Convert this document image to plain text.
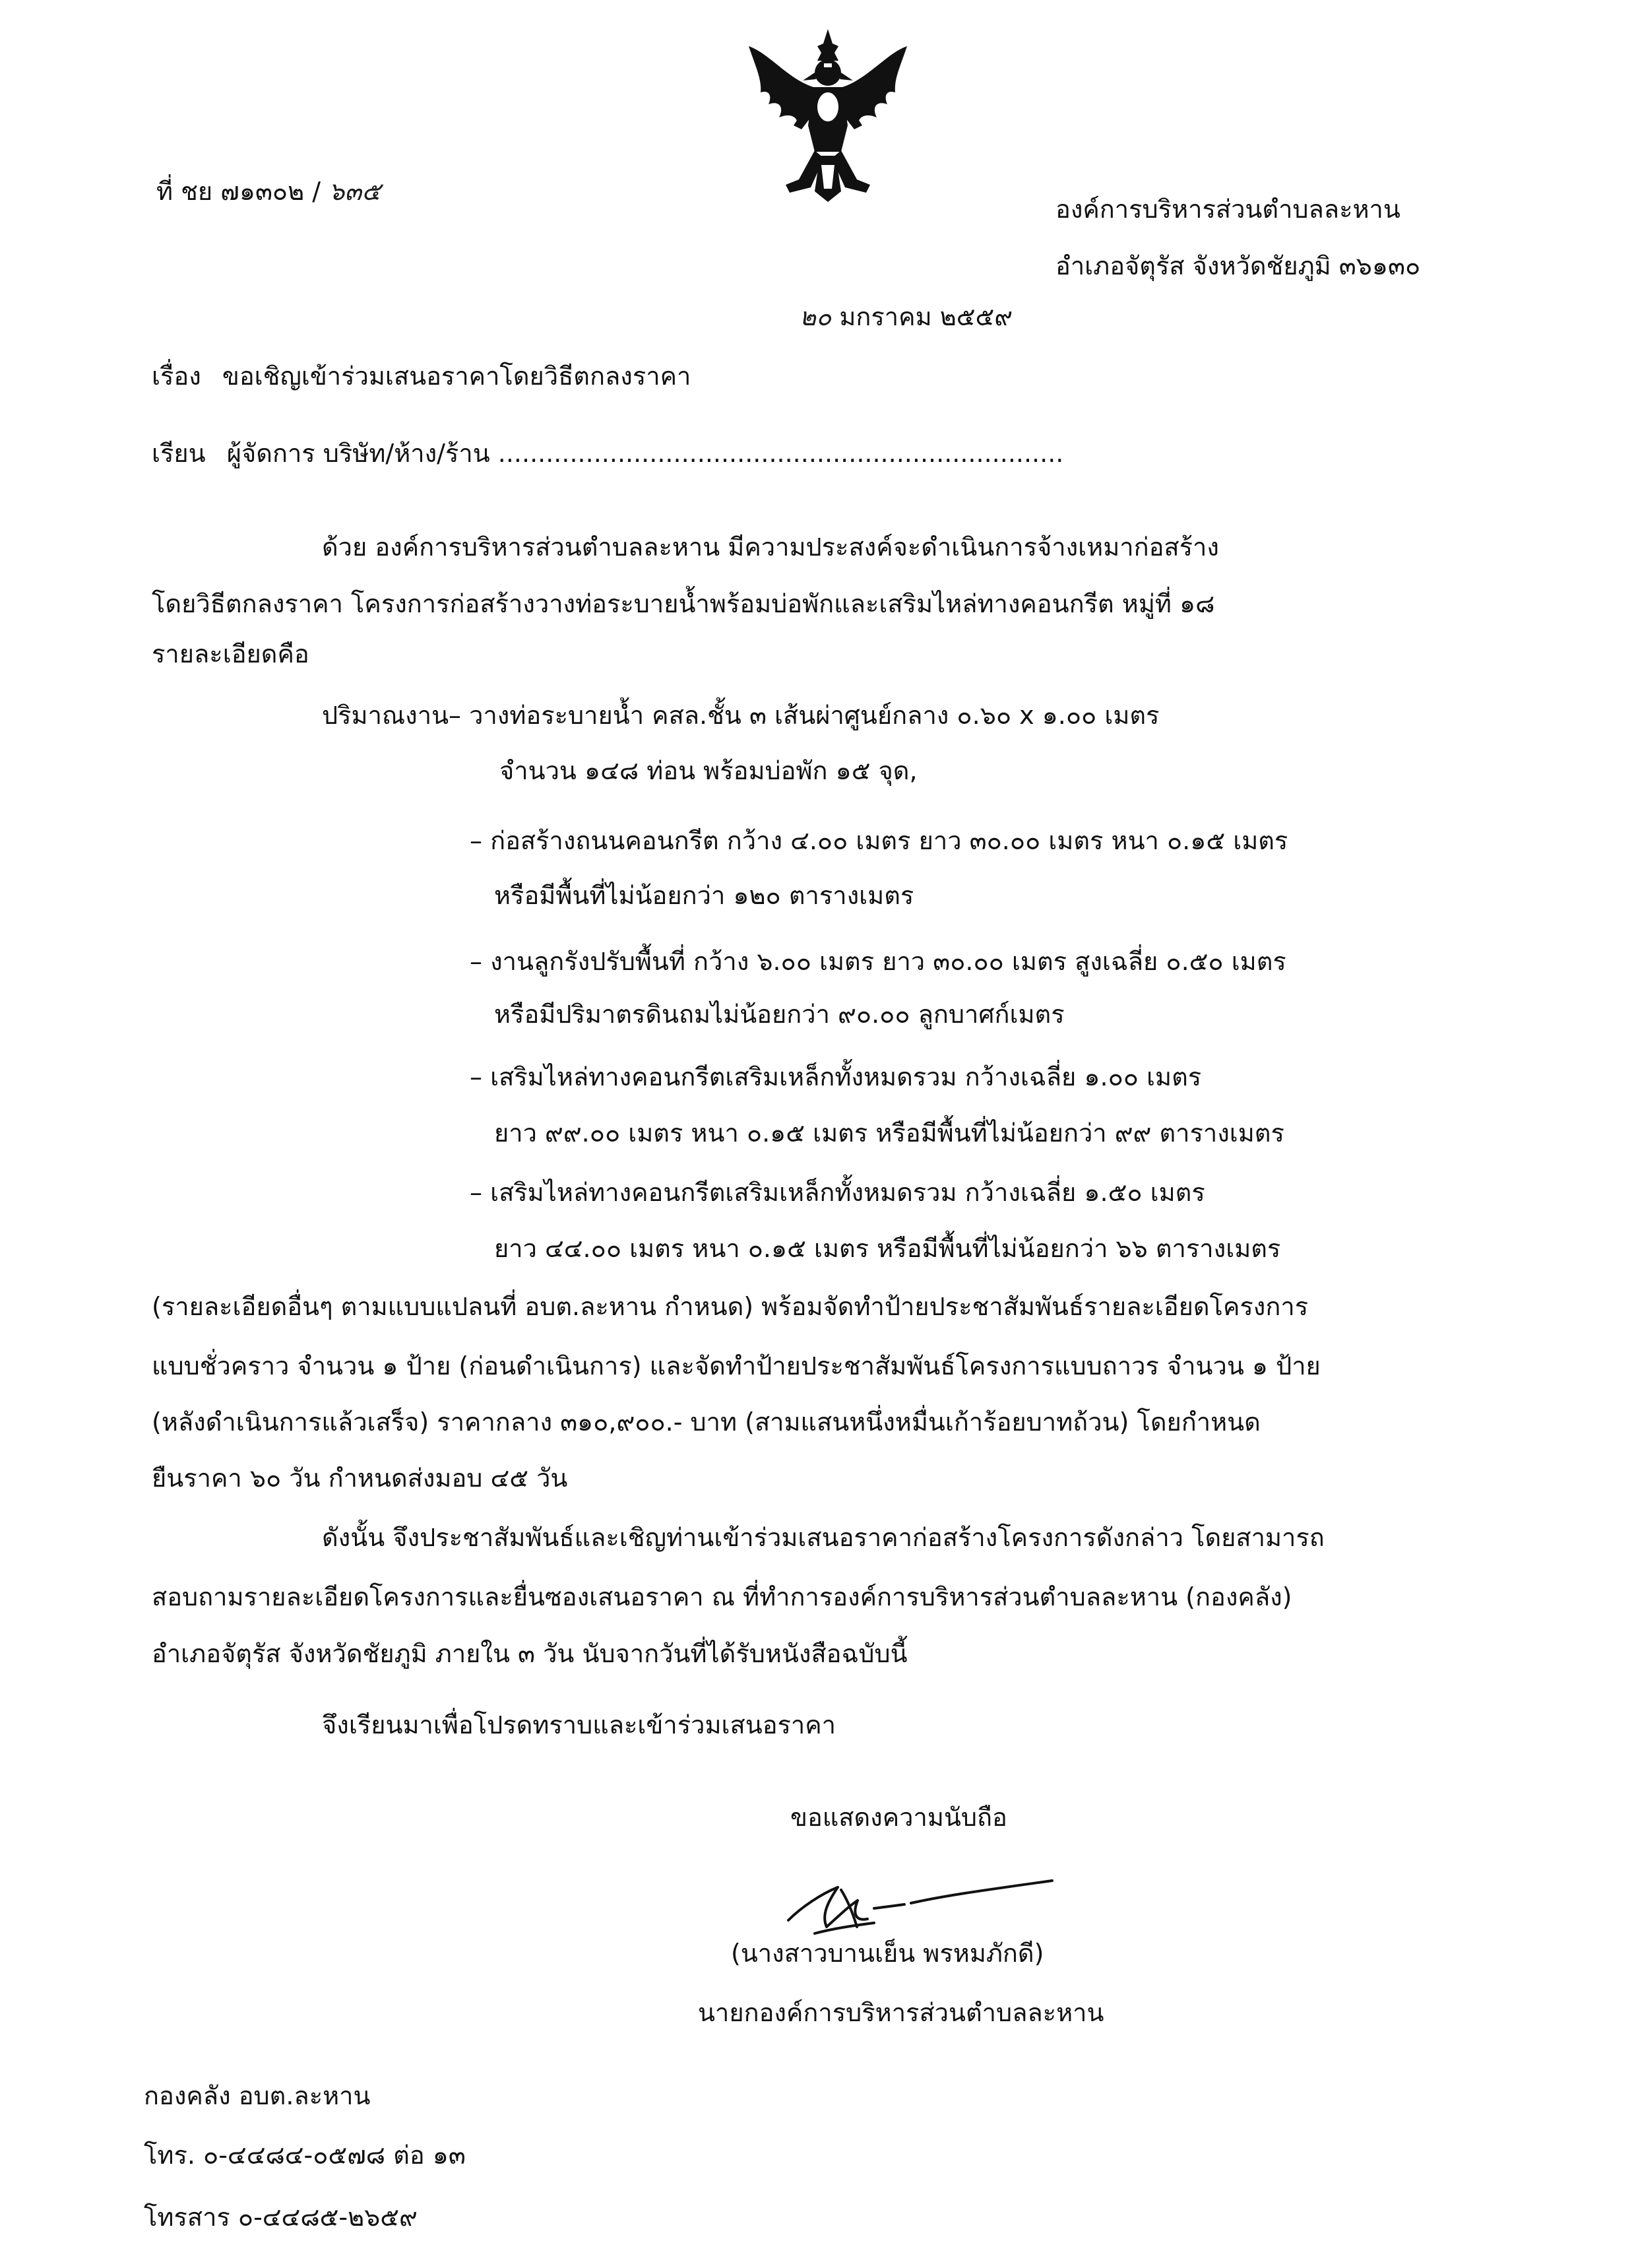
ที่ ชย ๗๑๓๐๒ / ๖๓๕
องค์การบริหารส่วนตำบลละหาน
อำเภอจัตุรัส จังหวัดชัยภูมิ ๓๖๑๓๐
๒๐ มกราคม ๒๕๕๙
เรื่อง ขอเชิญเข้าร่วมเสนอราคาโดยวิธีตกลงราคา
เรียน ผู้จัดการ บริษัท/ห้าง/ร้าน .......................................................................
ด้วย องค์การบริหารส่วนตำบลละหาน มีความประสงค์จะดำเนินการจ้างเหมาก่อสร้าง
โดยวิธีตกลงราคา โครงการก่อสร้างวางท่อระบายน้ำพร้อมบ่อพักและเสริมไหล่ทางคอนกรีต หมู่ที่ ๑๘
รายละเอียดคือ
ปริมาณงาน– วางท่อระบายน้ำ คสล.ชั้น ๓ เส้นผ่าศูนย์กลาง ๐.๖๐ x ๑.๐๐ เมตร
จำนวน ๑๔๘ ท่อน พร้อมบ่อพัก ๑๕ จุด,
– ก่อสร้างถนนคอนกรีต กว้าง ๔.๐๐ เมตร ยาว ๓๐.๐๐ เมตร หนา ๐.๑๕ เมตร
หรือมีพื้นที่ไม่น้อยกว่า ๑๒๐ ตารางเมตร
– งานลูกรังปรับพื้นที่ กว้าง ๖.๐๐ เมตร ยาว ๓๐.๐๐ เมตร สูงเฉลี่ย ๐.๕๐ เมตร
หรือมีปริมาตรดินถมไม่น้อยกว่า ๙๐.๐๐ ลูกบาศก์เมตร
– เสริมไหล่ทางคอนกรีตเสริมเหล็กทั้งหมดรวม กว้างเฉลี่ย ๑.๐๐ เมตร
ยาว ๙๙.๐๐ เมตร หนา ๐.๑๕ เมตร หรือมีพื้นที่ไม่น้อยกว่า ๙๙ ตารางเมตร
– เสริมไหล่ทางคอนกรีตเสริมเหล็กทั้งหมดรวม กว้างเฉลี่ย ๑.๕๐ เมตร
ยาว ๔๔.๐๐ เมตร หนา ๐.๑๕ เมตร หรือมีพื้นที่ไม่น้อยกว่า ๖๖ ตารางเมตร
(รายละเอียดอื่นๆ ตามแบบแปลนที่ อบต.ละหาน กำหนด) พร้อมจัดทำป้ายประชาสัมพันธ์รายละเอียดโครงการ
แบบชั่วคราว จำนวน ๑ ป้าย (ก่อนดำเนินการ) และจัดทำป้ายประชาสัมพันธ์โครงการแบบถาวร จำนวน ๑ ป้าย
(หลังดำเนินการแล้วเสร็จ) ราคากลาง ๓๑๐,๙๐๐.- บาท (สามแสนหนึ่งหมื่นเก้าร้อยบาทถ้วน) โดยกำหนด
ยืนราคา ๖๐ วัน กำหนดส่งมอบ ๔๕ วัน
ดังนั้น จึงประชาสัมพันธ์และเชิญท่านเข้าร่วมเสนอราคาก่อสร้างโครงการดังกล่าว โดยสามารถ
สอบถามรายละเอียดโครงการและยื่นซองเสนอราคา ณ ที่ทำการองค์การบริหารส่วนตำบลละหาน (กองคลัง)
อำเภอจัตุรัส จังหวัดชัยภูมิ ภายใน ๓ วัน นับจากวันที่ได้รับหนังสือฉบับนี้
จึงเรียนมาเพื่อโปรดทราบและเข้าร่วมเสนอราคา
ขอแสดงความนับถือ
(นางสาวบานเย็น พรหมภักดี)
นายกองค์การบริหารส่วนตำบลละหาน
กองคลัง อบต.ละหาน
โทร. ๐-๔๔๘๔-๐๕๗๘ ต่อ ๑๓
โทรสาร ๐-๔๔๘๕-๒๖๕๙
